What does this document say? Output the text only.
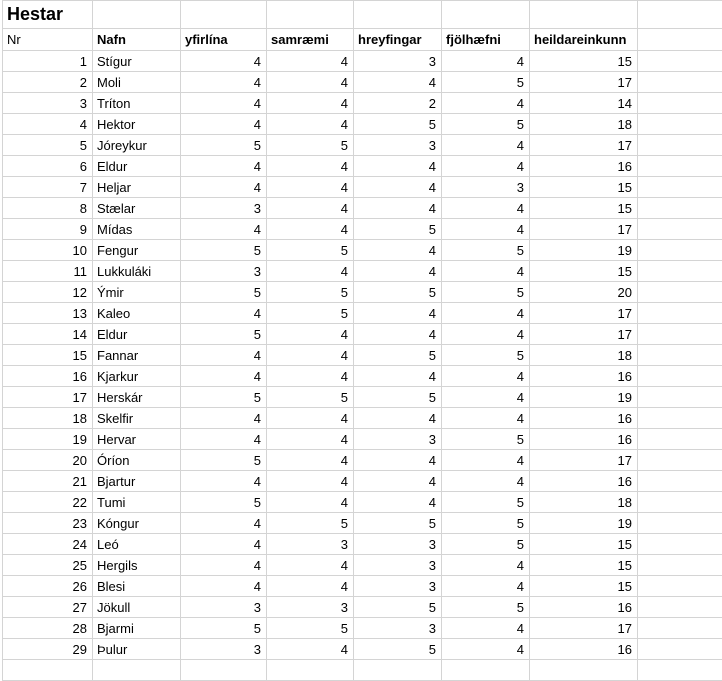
Hestar
Nr	Nafn	yfirlína	samræmi	hreyfingar	fjölhæfni	heildareinkunn
1 Stígur	4	4	3	4	15
2 Moli	4	4	4	5	17
3 Tríton	4	4	2	4	14
4 Hektor	4	4	5	5	18
5 Jóreykur	5	5	3	4	17
6 Eldur	4	4	4	4	16
7 Heljar	4	4	4	3	15
8 Stælar	3	4	4	4	15
9 Mídas	4	4	5	4	17
10 Fengur	5	5	4	5	19
11 Lukkuláki	3	4	4	4	15
12 Ýmir	5	5	5	5	20
13 Kaleo	4	5	4	4	17
14 Eldur	5	4	4	4	17
15 Fannar	4	4	5	5	18
16 Kjarkur	4	4	4	4	16
17 Herskár	5	5	5	4	19
18 Skelfir	4	4	4	4	16
19 Hervar	4	4	3	5	16
20 Óríon	5	4	4	4	17
21 Bjartur	4	4	4	4	16
22 Tumi	5	4	4	5	18
23 Kóngur	4	5	5	5	19
24 Leó	4	3	3	5	15
25 Hergils	4	4	3	4	15
26 Blesi	4	4	3	4	15
27 Jökull	3	3	5	5	16
28 Bjarmi	5	5	3	4	17
29 Þulur	3	4	5	4	16
